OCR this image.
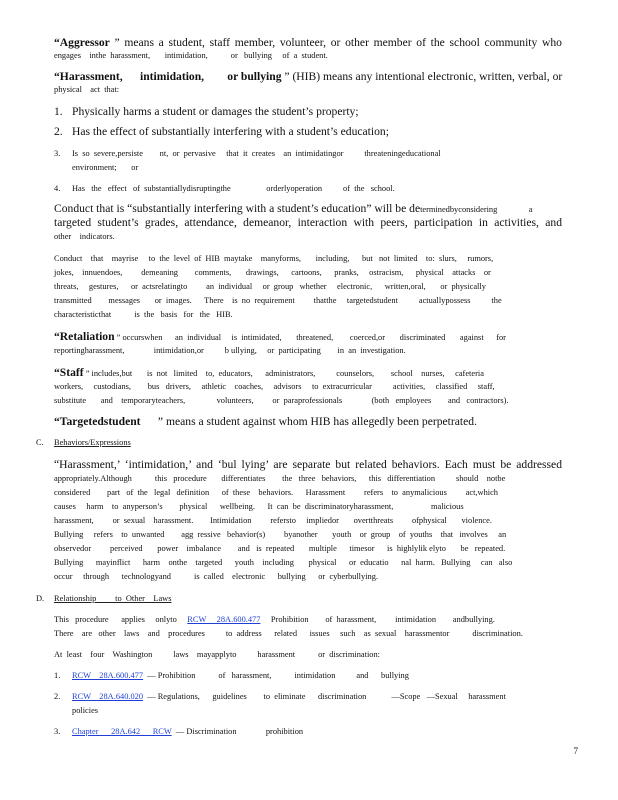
“Aggressor ” means a student, staff member, volunteer, or other member of the school community who

engages    inthe  harassment,       intimidation,           or   bullying     of  a  student.

“Harassment,      intimidation,        or bullying ” (HIB) means any intentional electronic, written, verbal, or

physical    act  that:

1. Physically harms a student or damages the student’s property;

2. Has the effect of substantially interfering with a student’s education;

3. Is  so  severe,persiste        nt,  or  pervasive     that  it  creates    an  intimidatingor          threateningeducational

environment;       or

4. Has   the   effect   of  substantiallydisruptingthe                 orderlyoperation          of  the   school.

Conduct that is “substantially interfering with a student’s education” will be determinedbyconsidering               a

targeted student’s grades, attendance, demeanor, interaction with peers, participation in activities, and

other    indicators.

Conduct    that    mayrise     to  the  level  of  HIB  maytake    manyforms,       including,      but   not  limited    to:  slurs,     rumors,

jokes,    innuendoes,         demeaning        comments,       drawings,      cartoons,      pranks,     ostracism,      physical    attacks    or

threats,     gestures,      or  actsrelatingto         an  individual     or  group   whether     electronic,      written,oral,       or  physically

transmitted        messages       or  images.      There    is  no  requirement         thatthe     targetedstudent          actuallypossess          the

characteristicthat           is  the   basis   for   the   HIB.

“Retaliation ” occurswhen      an  individual     is  intimidated,       threatened,        coerced,or       discriminated       against      for

reportingharassment,              intimidation,or          b ullying,     or  participating        in  an  investigation.

“Staff ” includes,but       is  not   limited    to,  educators,      administrators,          counselors,        school    nurses,     cafeteria

workers,     custodians,        bus   drivers,     athletic    coaches,     advisors     to  extracurricular          activities,     classified     staff,

substitute       and    temporaryteachers,               volunteers,         or  paraprofessionals              (both   employees        and   contractors).

“Targetedstudent ” means a student against whom HIB has allegedly been perpetrated.

C. Behaviors/Expressions

“Harassment,’ ‘intimidation,’ and ‘bul lying’ are separate but related behaviors. Each must be addressed

appropriately.Although           this   procedure       differentiates        the   three   behaviors,      this   differentiation          should    notbe

considered        part   of  the   legal   definition      of  these    behaviors.      Harassment         refers    to  anymalicious         act,which

causes     harm    to  anyperson’s        physical      wellbeing.      It  can  be  discriminatoryharassment,                  malicious

harassment,         or  sexual    harassment.        Intimidation         refersto     impliedor       overtthreats         ofphysical       violence.

Bullying     refers    to  unwanted        agg  ressive   behavior(s)         byanother       youth    or  group    of  youths    that   involves     an

observedor         perceived       power    imbalance        and   is  repeated       multiple      timesor      is  highlylik elyto       be   repeated.

Bullying      mayinflict      harm    onthe    targeted      youth    including       physical      or  educatio      nal  harm.   Bullying     can   also

occur     through      technologyand           is  called    electronic      bullying      or  cyberbullying.

D. Relationship         to  Other    Laws

This   procedure      applies     onlyto RCW     28A.600.477 Prohibition        of  harassment,         intimidation        andbullying.

There    are   other    laws    and    procedures          to  address      related      issues     such    as  sexual    harassmentor           discrimination.

At  least    four    Washington          laws    mayapplyto          harassment           or  discrimination:

1. RCW    28A.600.477 — Prohibition           of   harassment,           intimidation          and      bullying

2. RCW    28A.640.020 — Regulations,      guidelines        to  eliminate      discrimination            —Scope   —Sexual     harassment

policies

3. Chapter      28A.642      RCW — Discrimination              prohibition

7
